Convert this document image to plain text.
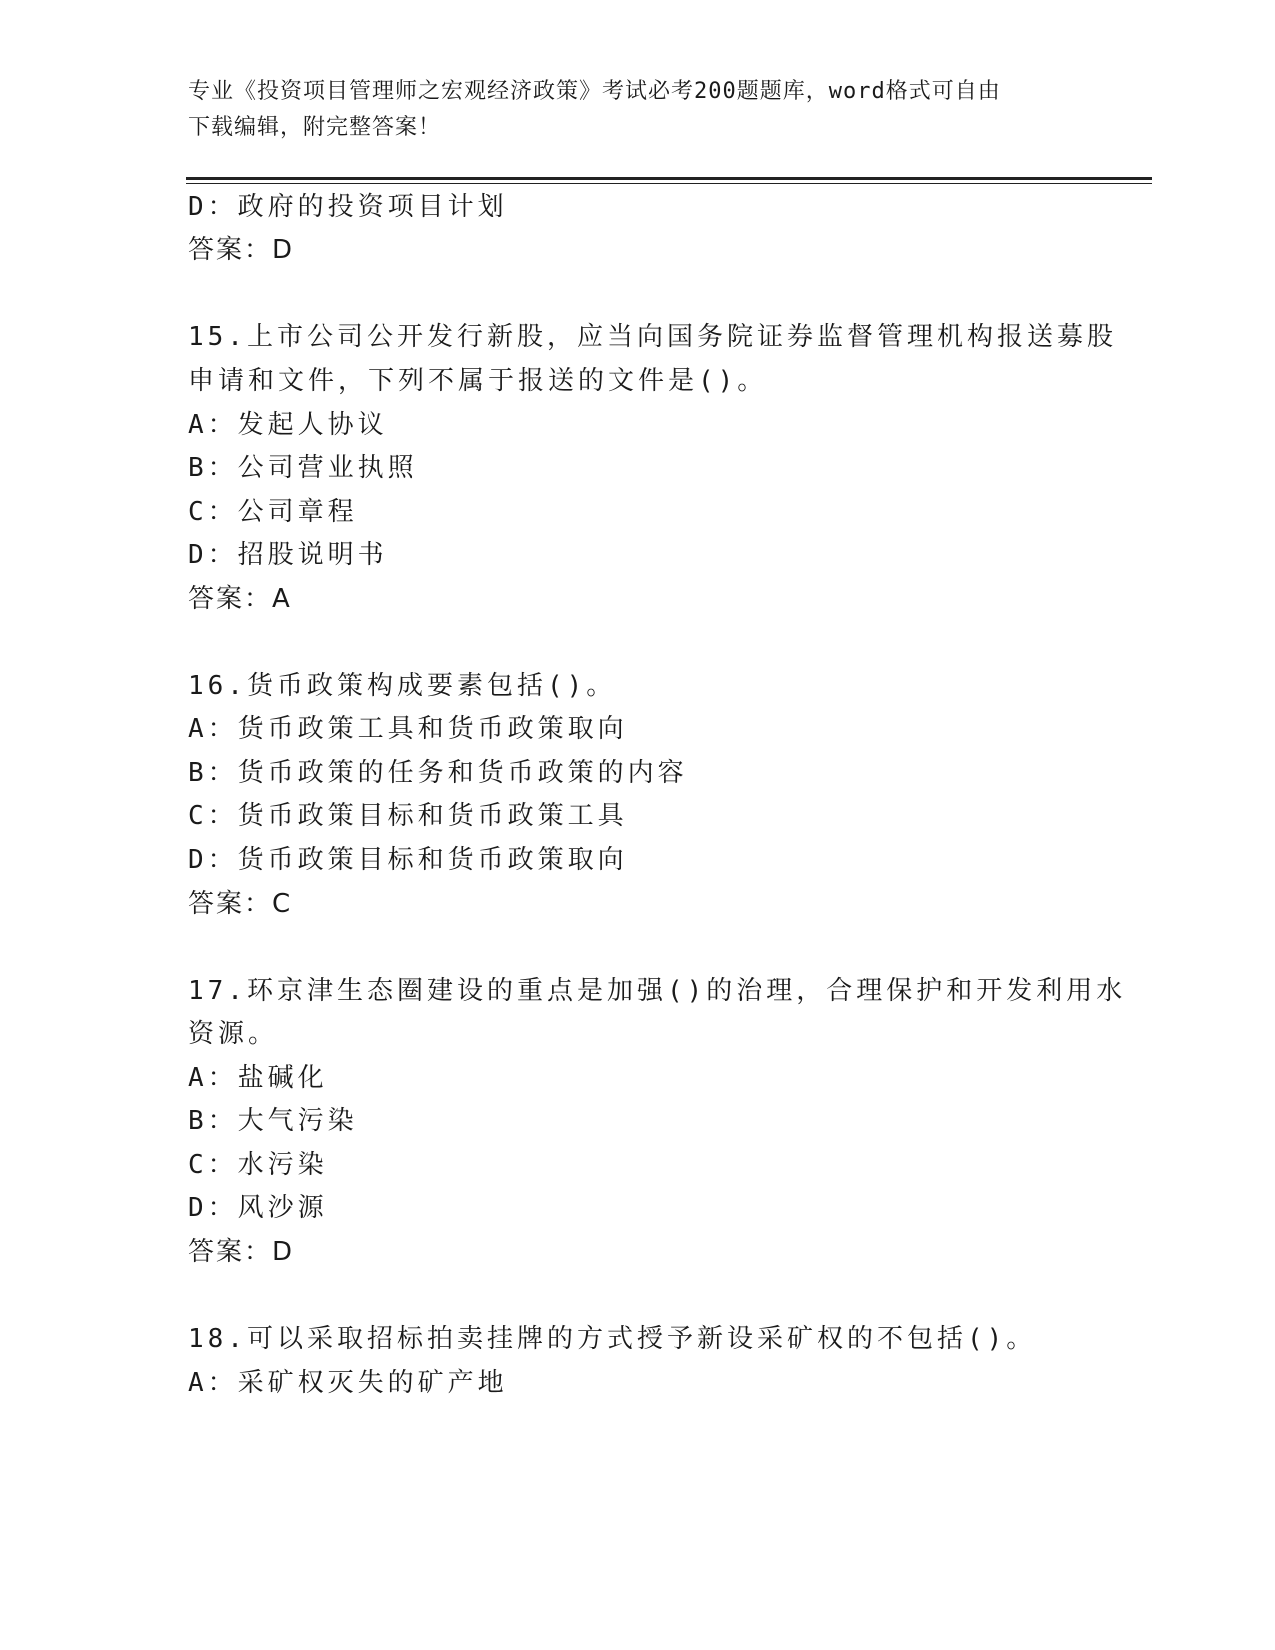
专业《投资项目管理师之宏观经济政策》考试必考200题题库，word格式可自由
下载编辑，附完整答案！
D：政府的投资项目计划
答案：D
15.上市公司公开发行新股，应当向国务院证券监督管理机构报送募股
申请和文件，下列不属于报送的文件是()。
A：发起人协议
B：公司营业执照
C：公司章程
D：招股说明书
答案：A
16.货币政策构成要素包括()。
A：货币政策工具和货币政策取向
B：货币政策的任务和货币政策的内容
C：货币政策目标和货币政策工具
D：货币政策目标和货币政策取向
答案：C
17.环京津生态圈建设的重点是加强()的治理，合理保护和开发利用水
资源。
A：盐碱化
B：大气污染
C：水污染
D：风沙源
答案：D
18.可以采取招标拍卖挂牌的方式授予新设采矿权的不包括()。
A：采矿权灭失的矿产地
